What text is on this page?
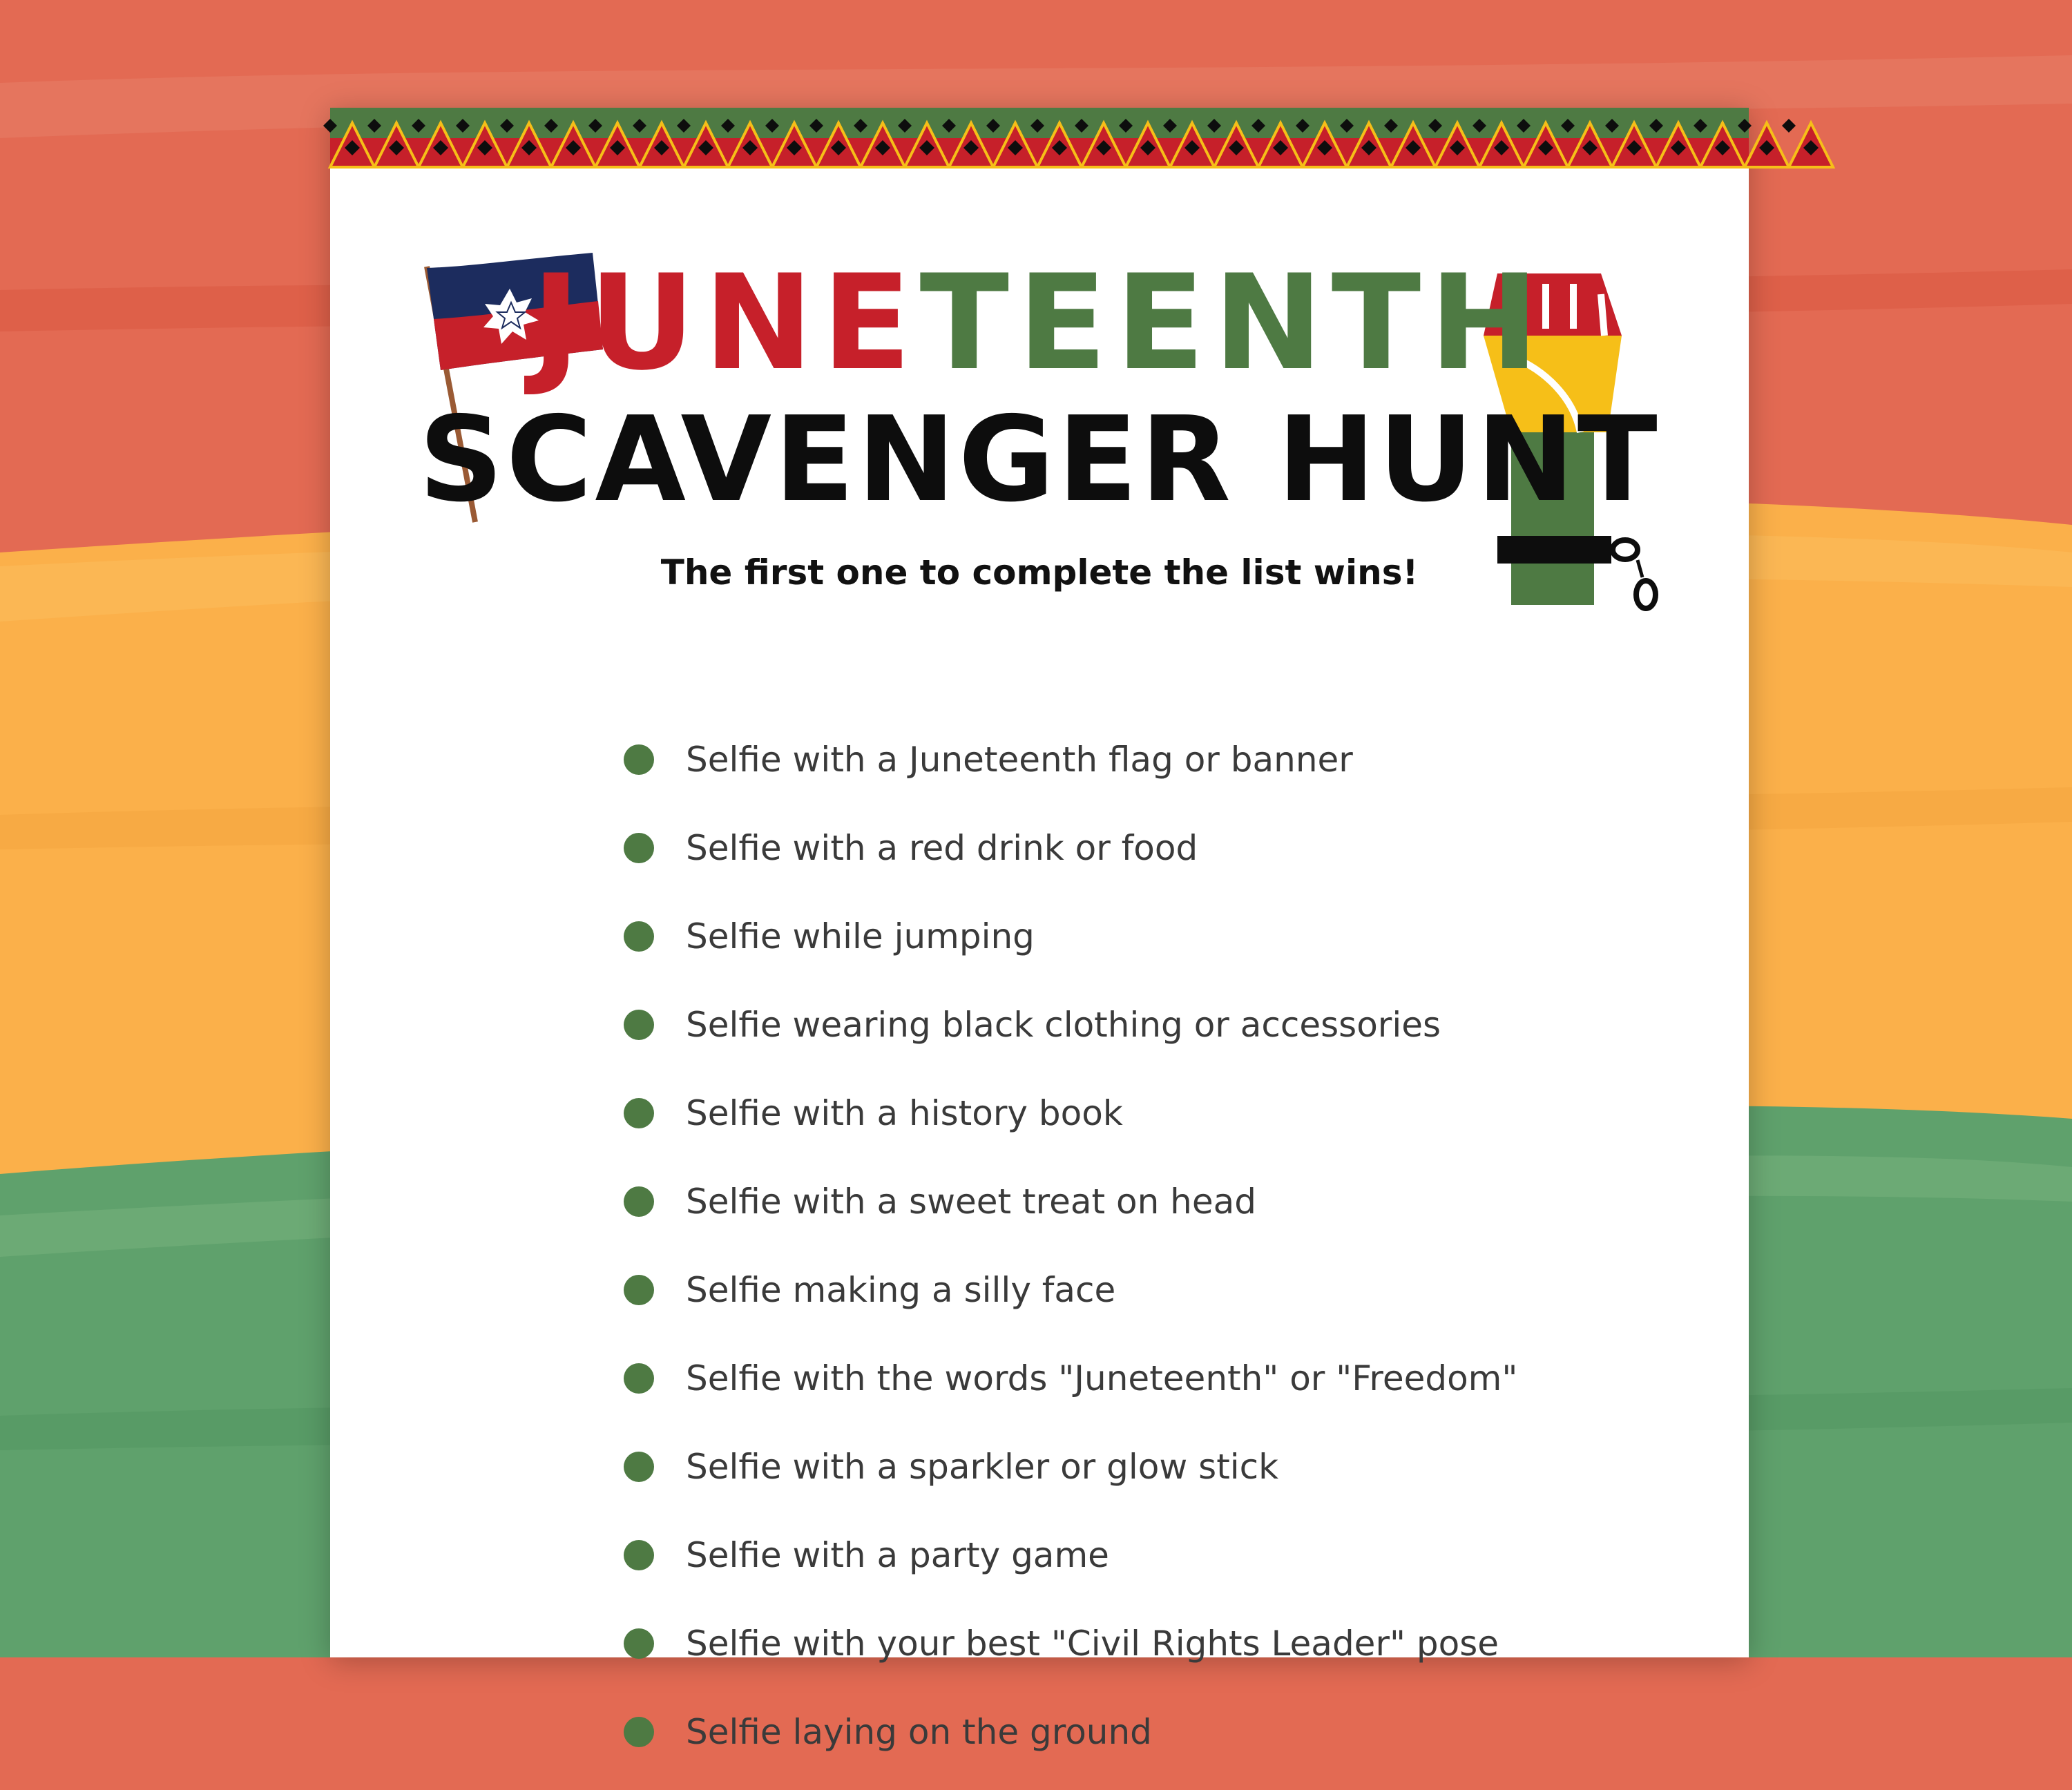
JUNETEENTH
SCAVENGER HUNT
The first one to complete the list wins!
Selfie with a Juneteenth flag or banner
Selfie with a red drink or food
Selfie while jumping
Selfie wearing black clothing or accessories
Selfie with a history book
Selfie with a sweet treat on head
Selfie making a silly face
Selfie with the words "Juneteenth" or "Freedom"
Selfie with a sparkler or glow stick
Selfie with a party game
Selfie with your best "Civil Rights Leader" pose
Selfie laying on the ground
